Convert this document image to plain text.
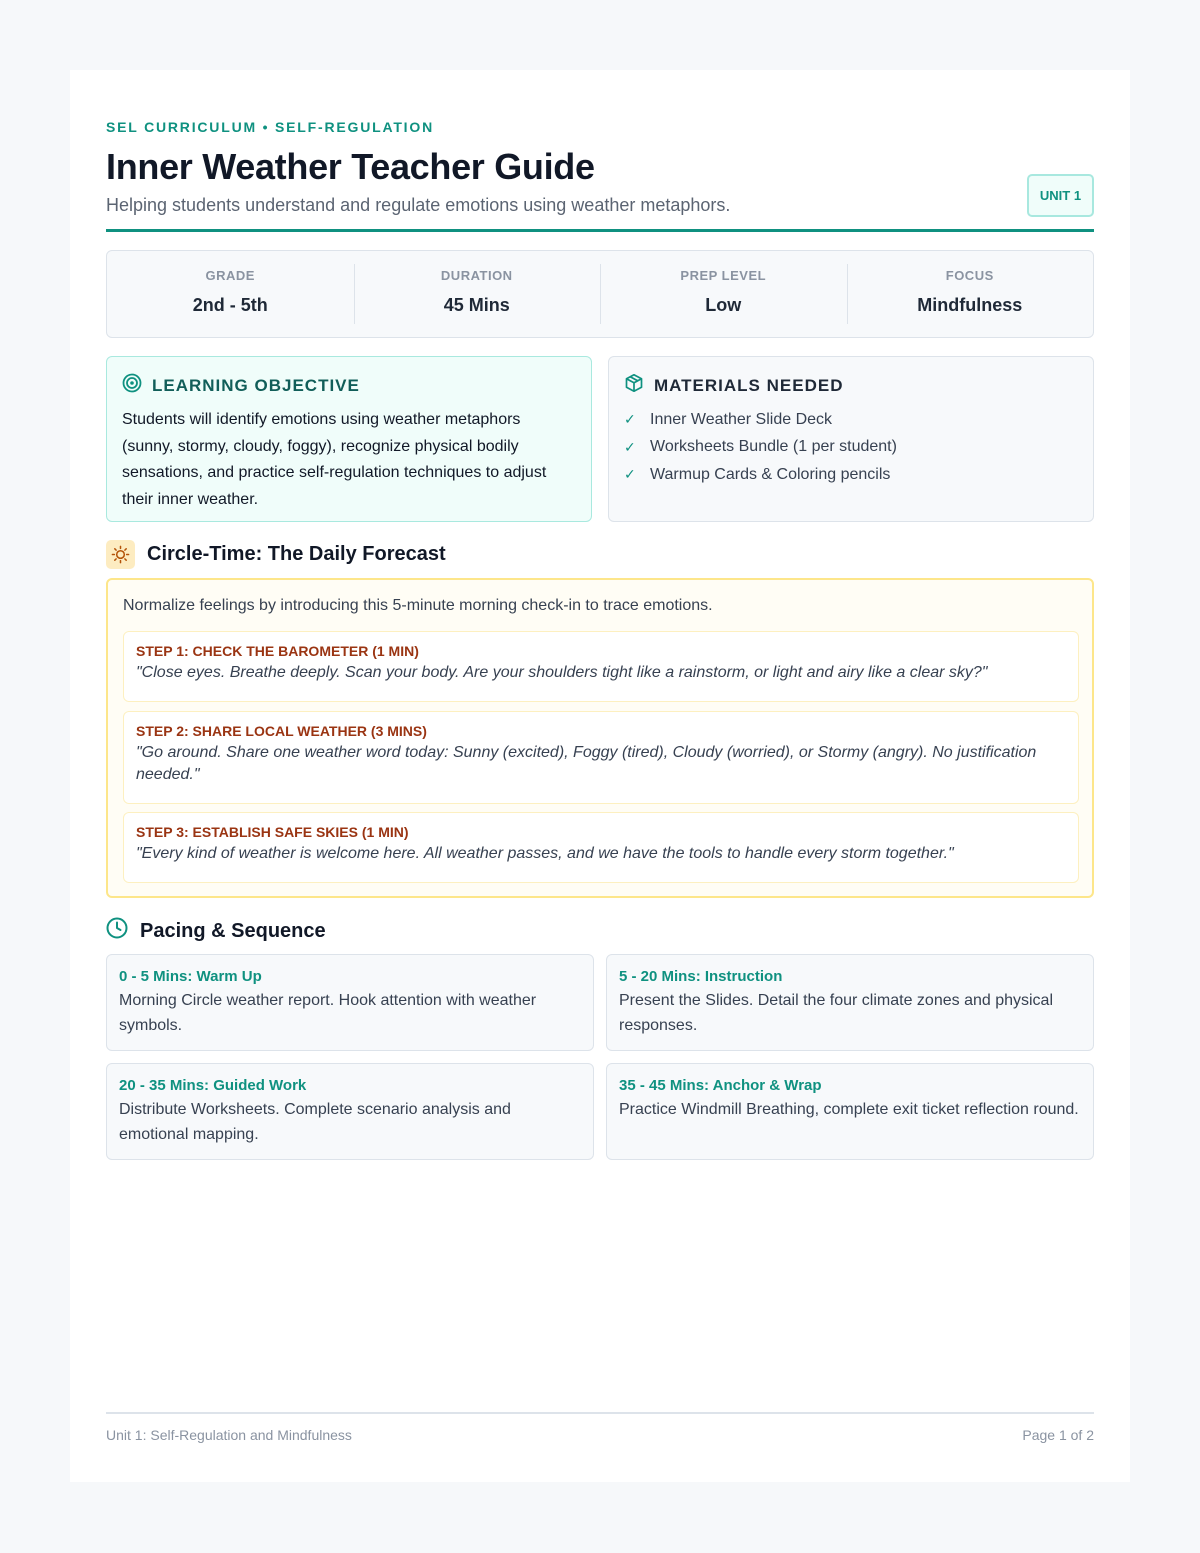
SEL CURRICULUM • SELF-REGULATION
Inner Weather Teacher Guide
Helping students understand and regulate emotions using weather metaphors.	UNIT 1
GRADE
2nd - 5th
DURATION
45 Mins
PREP LEVEL
Low
FOCUS
Mindfulness
LEARNING OBJECTIVE
Students will identify emotions using weather metaphors (sunny, stormy, cloudy, foggy), recognize physical bodily sensations, and practice self-regulation techniques to adjust their inner weather.
MATERIALS NEEDED
✓ Inner Weather Slide Deck
✓ Worksheets Bundle (1 per student)
✓ Warmup Cards & Coloring pencils
Circle-Time: The Daily Forecast
Normalize feelings by introducing this 5-minute morning check-in to trace emotions.
STEP 1: CHECK THE BAROMETER (1 MIN)
"Close eyes. Breathe deeply. Scan your body. Are your shoulders tight like a rainstorm, or light and airy like a clear sky?"
STEP 2: SHARE LOCAL WEATHER (3 MINS)
"Go around. Share one weather word today: Sunny (excited), Foggy (tired), Cloudy (worried), or Stormy (angry). No justification needed."
STEP 3: ESTABLISH SAFE SKIES (1 MIN)
"Every kind of weather is welcome here. All weather passes, and we have the tools to handle every storm together."
Pacing & Sequence
0 - 5 Mins: Warm Up
Morning Circle weather report. Hook attention with weather symbols.
5 - 20 Mins: Instruction
Present the Slides. Detail the four climate zones and physical responses.
20 - 35 Mins: Guided Work
Distribute Worksheets. Complete scenario analysis and emotional mapping.
35 - 45 Mins: Anchor & Wrap
Practice Windmill Breathing, complete exit ticket reflection round.
Unit 1: Self-Regulation and Mindfulness	Page 1 of 2
